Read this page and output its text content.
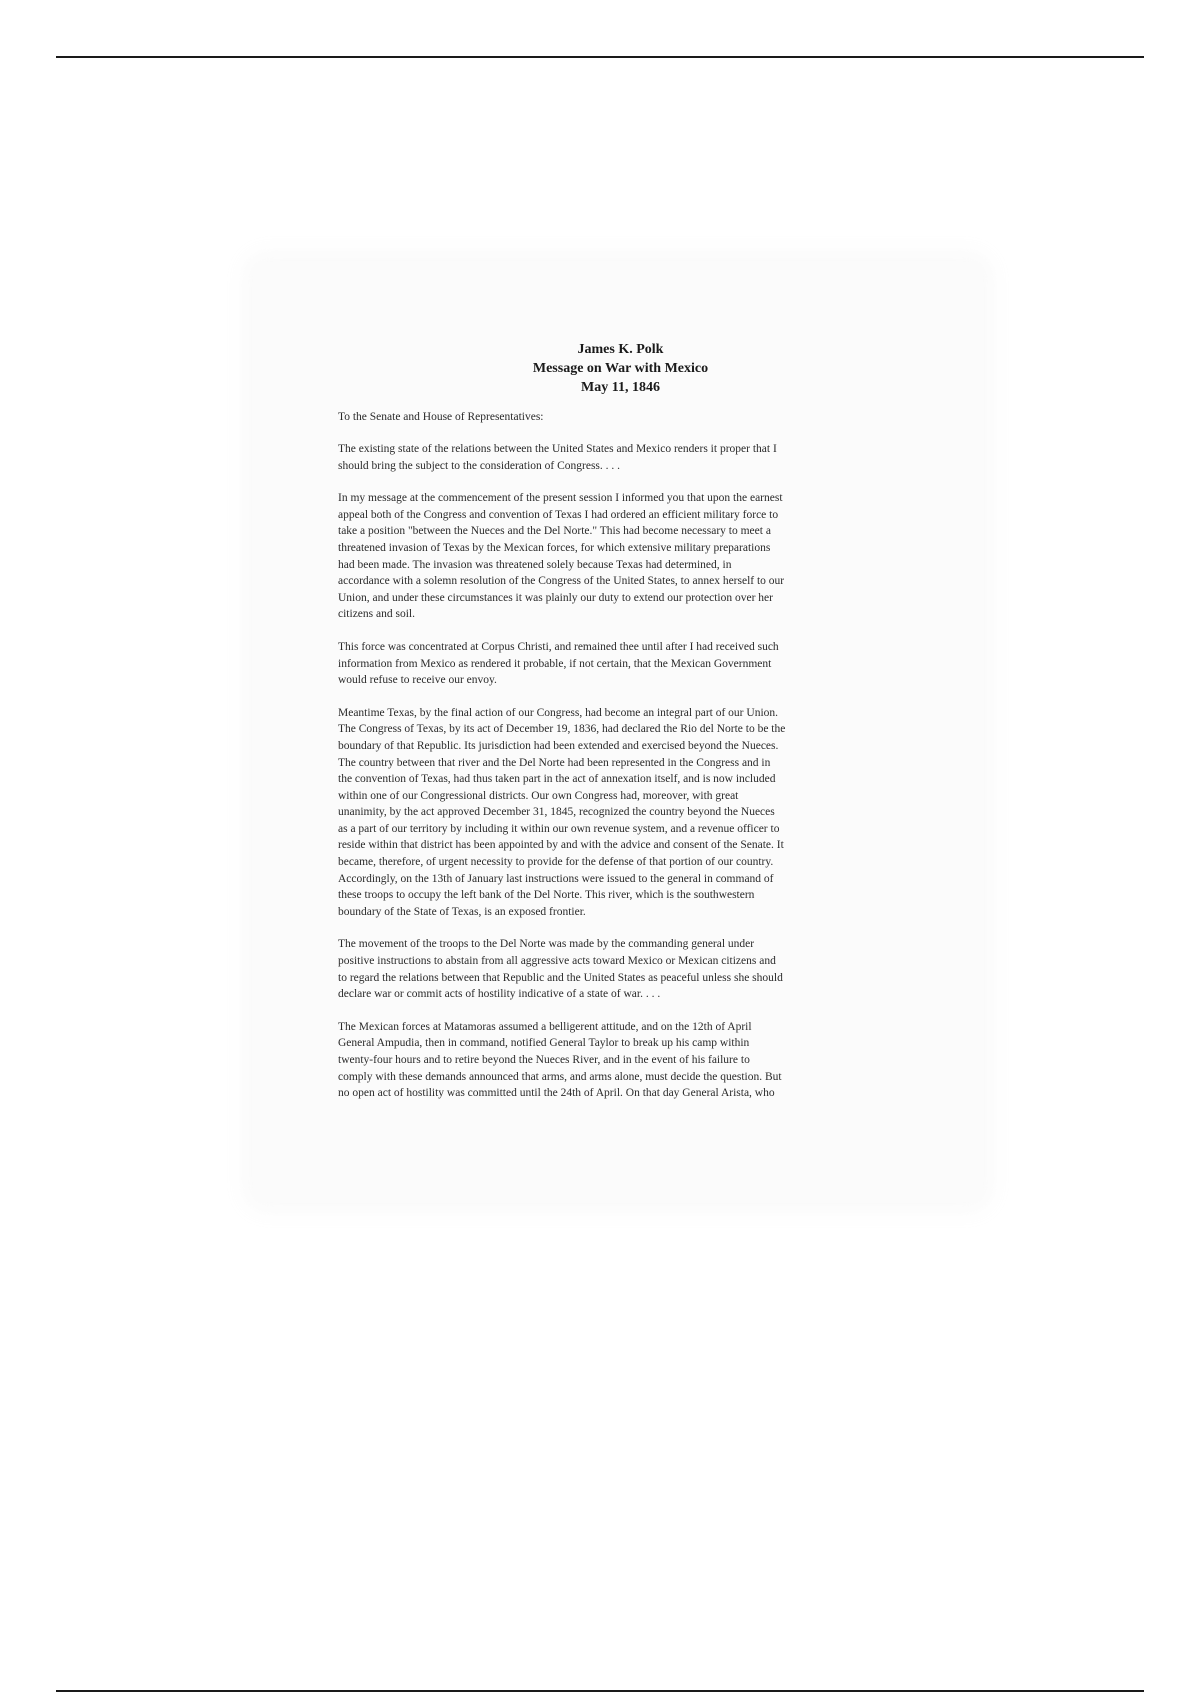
James K. Polk
Message on War with Mexico
May 11, 1846
To the Senate and House of Representatives:
The existing state of the relations between the United States and Mexico renders it proper that I
should bring the subject to the consideration of Congress. . . .
In my message at the commencement of the present session I informed you that upon the earnest
appeal both of the Congress and convention of Texas I had ordered an efficient military force to
take a position "between the Nueces and the Del Norte." This had become necessary to meet a
threatened invasion of Texas by the Mexican forces, for which extensive military preparations
had been made. The invasion was threatened solely because Texas had determined, in
accordance with a solemn resolution of the Congress of the United States, to annex herself to our
Union, and under these circumstances it was plainly our duty to extend our protection over her
citizens and soil.
This force was concentrated at Corpus Christi, and remained thee until after I had received such
information from Mexico as rendered it probable, if not certain, that the Mexican Government
would refuse to receive our envoy.
Meantime Texas, by the final action of our Congress, had become an integral part of our Union.
The Congress of Texas, by its act of December 19, 1836, had declared the Rio del Norte to be the
boundary of that Republic. Its jurisdiction had been extended and exercised beyond the Nueces.
The country between that river and the Del Norte had been represented in the Congress and in
the convention of Texas, had thus taken part in the act of annexation itself, and is now included
within one of our Congressional districts. Our own Congress had, moreover, with great
unanimity, by the act approved December 31, 1845, recognized the country beyond the Nueces
as a part of our territory by including it within our own revenue system, and a revenue officer to
reside within that district has been appointed by and with the advice and consent of the Senate. It
became, therefore, of urgent necessity to provide for the defense of that portion of our country.
Accordingly, on the 13th of January last instructions were issued to the general in command of
these troops to occupy the left bank of the Del Norte. This river, which is the southwestern
boundary of the State of Texas, is an exposed frontier.
The movement of the troops to the Del Norte was made by the commanding general under
positive instructions to abstain from all aggressive acts toward Mexico or Mexican citizens and
to regard the relations between that Republic and the United States as peaceful unless she should
declare war or commit acts of hostility indicative of a state of war. . . .
The Mexican forces at Matamoras assumed a belligerent attitude, and on the 12th of April
General Ampudia, then in command, notified General Taylor to break up his camp within
twenty-four hours and to retire beyond the Nueces River, and in the event of his failure to
comply with these demands announced that arms, and arms alone, must decide the question. But
no open act of hostility was committed until the 24th of April. On that day General Arista, who
